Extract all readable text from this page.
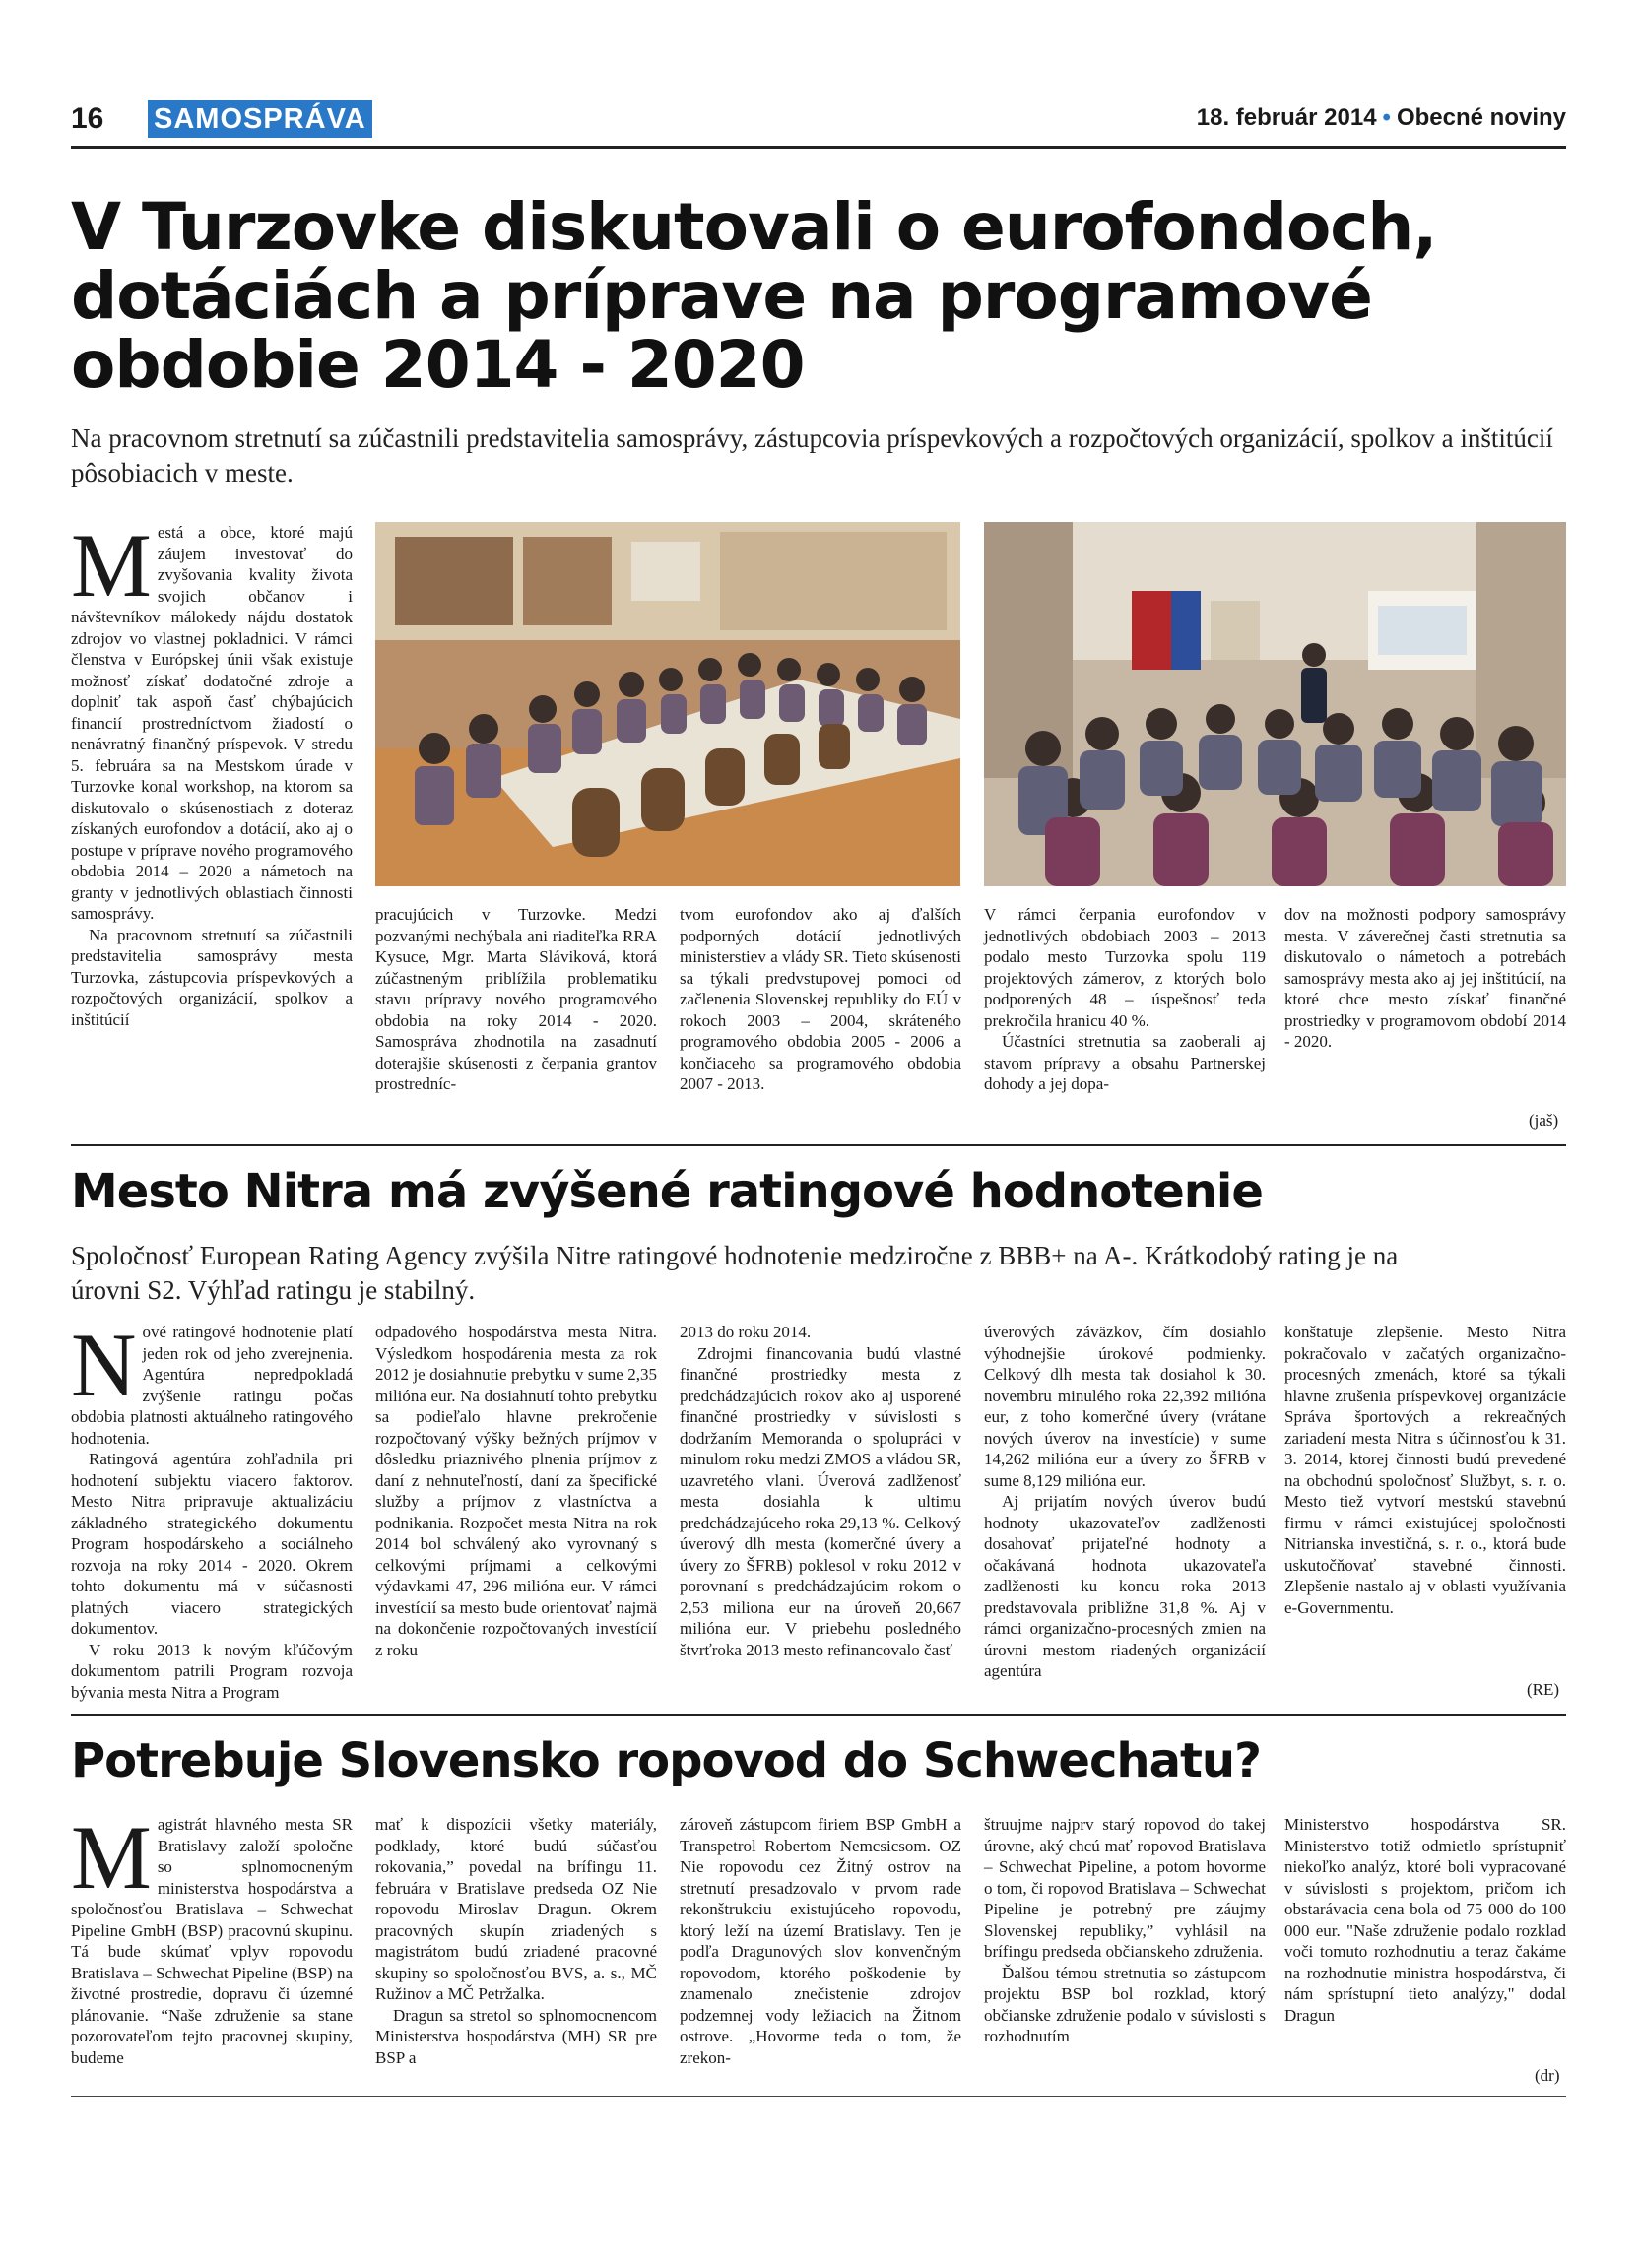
16 SAMOSPRÁVA	18. február 2014 • Obecné noviny
V Turzovke diskutovali o eurofondoch, dotáciách a príprave na programové obdobie 2014 - 2020

Na pracovnom stretnutí sa zúčastnili predstavitelia samosprávy, zástupcovia príspevkových a rozpočtových organizácií, spolkov a inštitúcií pôsobiacich v meste.

M está a obce, ktoré majú záujem investovať do zvyšovania kvality života svojich občanov i návštevníkov málokedy nájdu dostatok zdrojov vo vlastnej pokladnici. V rámci členstva v Európskej únii však existuje možnosť získať dodatočné zdroje a doplniť tak aspoň časť chýbajúcich financií prostredníctvom žiadostí o nenávratný finančný príspevok. V stredu 5. februára sa na Mestskom úrade v Turzovke konal workshop, na ktorom sa diskutovalo o skúsenostiach z doteraz získaných eurofondov a dotácií, ako aj o postupe v príprave nového programového obdobia 2014 – 2020 a námetoch na granty v jednotlivých oblastiach činnosti samosprávy.
Na pracovnom stretnutí sa zúčastnili predstavitelia samosprávy mesta Turzovka, zástupcovia príspevkových a rozpočtových organizácií, spolkov a inštitúcií
pracujúcich v Turzovke. Medzi pozvanými nechýbala ani riaditeľka RRA Kysuce, Mgr. Marta Sláviková, ktorá zúčastneným priblížila problematiku stavu prípravy nového programového obdobia na roky 2014 - 2020. Samospráva zhodnotila na zasadnutí doterajšie skúsenosti z čerpania grantov prostredníc-
tvom eurofondov ako aj ďalších podporných dotácií jednotlivých ministerstiev a vlády SR. Tieto skúsenosti sa týkali predvstupovej pomoci od začlenenia Slovenskej republiky do EÚ v rokoch 2003 – 2004, skráteného programového obdobia 2005 - 2006 a končiaceho sa programového obdobia 2007 - 2013.
V rámci čerpania eurofondov v jednotlivých obdobiach 2003 – 2013 podalo mesto Turzovka spolu 119 projektových zámerov, z ktorých bolo podporených 48 – úspešnosť teda prekročila hranicu 40 %.
Účastníci stretnutia sa zaoberali aj stavom prípravy a obsahu Partnerskej dohody a jej dopa-
dov na možnosti podpory samosprávy mesta. V záverečnej časti stretnutia sa diskutovalo o námetoch a potrebách samosprávy mesta ako aj jej inštitúcií, na ktoré chce mesto získať finančné prostriedky v programovom období 2014 - 2020.
(jaš)
Mesto Nitra má zvýšené ratingové hodnotenie

Spoločnosť European Rating Agency zvýšila Nitre ratingové hodnotenie medziročne z BBB+ na A-. Krátkodobý rating je na úrovni S2. Výhľad ratingu je stabilný.

N ové ratingové hodnotenie platí jeden rok od jeho zverejnenia. Agentúra nepredpokladá zvýšenie ratingu počas obdobia platnosti aktuálneho ratingového hodnotenia.
Ratingová agentúra zohľadnila pri hodnotení subjektu viacero faktorov. Mesto Nitra pripravuje aktualizáciu základného strategického dokumentu Program hospodárskeho a sociálneho rozvoja na roky 2014 - 2020. Okrem tohto dokumentu má v súčasnosti platných viacero strategických dokumentov.
V roku 2013 k novým kľúčovým dokumentom patrili Program rozvoja bývania mesta Nitra a Program
odpadového hospodárstva mesta Nitra. Výsledkom hospodárenia mesta za rok 2012 je dosiahnutie prebytku v sume 2,35 milióna eur. Na dosiahnutí tohto prebytku sa podieľalo hlavne prekročenie rozpočtovaný výšky bežných príjmov v dôsledku priaznivého plnenia príjmov z daní z nehnuteľností, daní za špecifické služby a príjmov z vlastníctva a podnikania. Rozpočet mesta Nitra na rok 2014 bol schválený ako vyrovnaný s celkovými príjmami a celkovými výdavkami 47, 296 milióna eur. V rámci investícií sa mesto bude orientovať najmä na dokončenie rozpočtovaných investícií z roku
2013 do roku 2014.
Zdrojmi financovania budú vlastné finančné prostriedky mesta z predchádzajúcich rokov ako aj usporené finančné prostriedky v súvislosti s dodržaním Memoranda o spolupráci v minulom roku medzi ZMOS a vládou SR, uzavretého vlani. Úverová zadlženosť mesta dosiahla k ultimu predchádzajúceho roka 29,13 %. Celkový úverový dlh mesta (komerčné úvery a úvery zo ŠFRB) poklesol v roku 2012 v porovnaní s predchádzajúcim rokom o 2,53 miliona eur na úroveň 20,667 milióna eur. V priebehu posledného štvrťroka 2013 mesto refinancovalo časť
úverových záväzkov, čím dosiahlo výhodnejšie úrokové podmienky. Celkový dlh mesta tak dosiahol k 30. novembru minulého roka 22,392 milióna eur, z toho komerčné úvery (vrátane nových úverov na investície) v sume 14,262 milióna eur a úvery zo ŠFRB v sume 8,129 milióna eur.
Aj prijatím nových úverov budú hodnoty ukazovateľov zadlženosti dosahovať prijateľné hodnoty a očakávaná hodnota ukazovateľa zadlženosti ku koncu roka 2013 predstavovala približne 31,8 %. Aj v rámci organizačno-procesných zmien na úrovni mestom riadených organizácií agentúra
konštatuje zlepšenie. Mesto Nitra pokračovalo v začatých organizačno-procesných zmenách, ktoré sa týkali hlavne zrušenia príspevkovej organizácie Správa športových a rekreačných zariadení mesta Nitra s účinnosťou k 31. 3. 2014, ktorej činnosti budú prevedené na obchodnú spoločnosť Službyt, s. r. o. Mesto tiež vytvorí mestskú stavebnú firmu v rámci existujúcej spoločnosti Nitrianska investičná, s. r. o., ktorá bude uskutočňovať stavebné činnosti. Zlepšenie nastalo aj v oblasti využívania e-Governmentu.
(RE)
Potrebuje Slovensko ropovod do Schwechatu?
M agistrát hlavného mesta SR Bratislavy založí spoločne so splnomocneným ministerstva hospodárstva a spoločnosťou Bratislava – Schwechat Pipeline GmbH (BSP) pracovnú skupinu. Tá bude skúmať vplyv ropovodu Bratislava – Schwechat Pipeline (BSP) na životné prostredie, dopravu či územné plánovanie. “Naše združenie sa stane pozorovateľom tejto pracovnej skupiny, budeme
mať k dispozícii všetky materiály, podklady, ktoré budú súčasťou rokovania,” povedal na brífingu 11. februára v Bratislave predseda OZ Nie ropovodu Miroslav Dragun. Okrem pracovných skupín zriadených s magistrátom budú zriadené pracovné skupiny so spoločnosťou BVS, a. s., MČ Ružinov a MČ Petržalka.
Dragun sa stretol so splnomocnencom Ministerstva hospodárstva (MH) SR pre BSP a
zároveň zástupcom firiem BSP GmbH a Transpetrol Robertom Nemcsicsom. OZ Nie ropovodu cez Žitný ostrov na stretnutí presadzovalo v prvom rade rekonštrukciu existujúceho ropovodu, ktorý leží na území Bratislavy. Ten je podľa Dragunových slov konvenčným ropovodom, ktorého poškodenie by znamenalo znečistenie zdrojov podzemnej vody ležiacich na Žitnom ostrove. „Hovorme teda o tom, že zrekon-
štruujme najprv starý ropovod do takej úrovne, aký chcú mať ropovod Bratislava – Schwechat Pipeline, a potom hovorme o tom, či ropovod Bratislava – Schwechat Pipeline je potrebný pre záujmy Slovenskej republiky,” vyhlásil na brífingu predseda občianskeho združenia.
Ďalšou témou stretnutia so zástupcom projektu BSP bol rozklad, ktorý občianske združenie podalo v súvislosti s rozhodnutím
Ministerstvo hospodárstva SR. Ministerstvo totiž odmietlo sprístupniť niekoľko analýz, ktoré boli vypracované v súvislosti s projektom, pričom ich obstarávacia cena bola od 75 000 do 100 000 eur. "Naše združenie podalo rozklad voči tomuto rozhodnutiu a teraz čakáme na rozhodnutie ministra hospodárstva, či nám sprístupní tieto analýzy," dodal Dragun
(dr)
